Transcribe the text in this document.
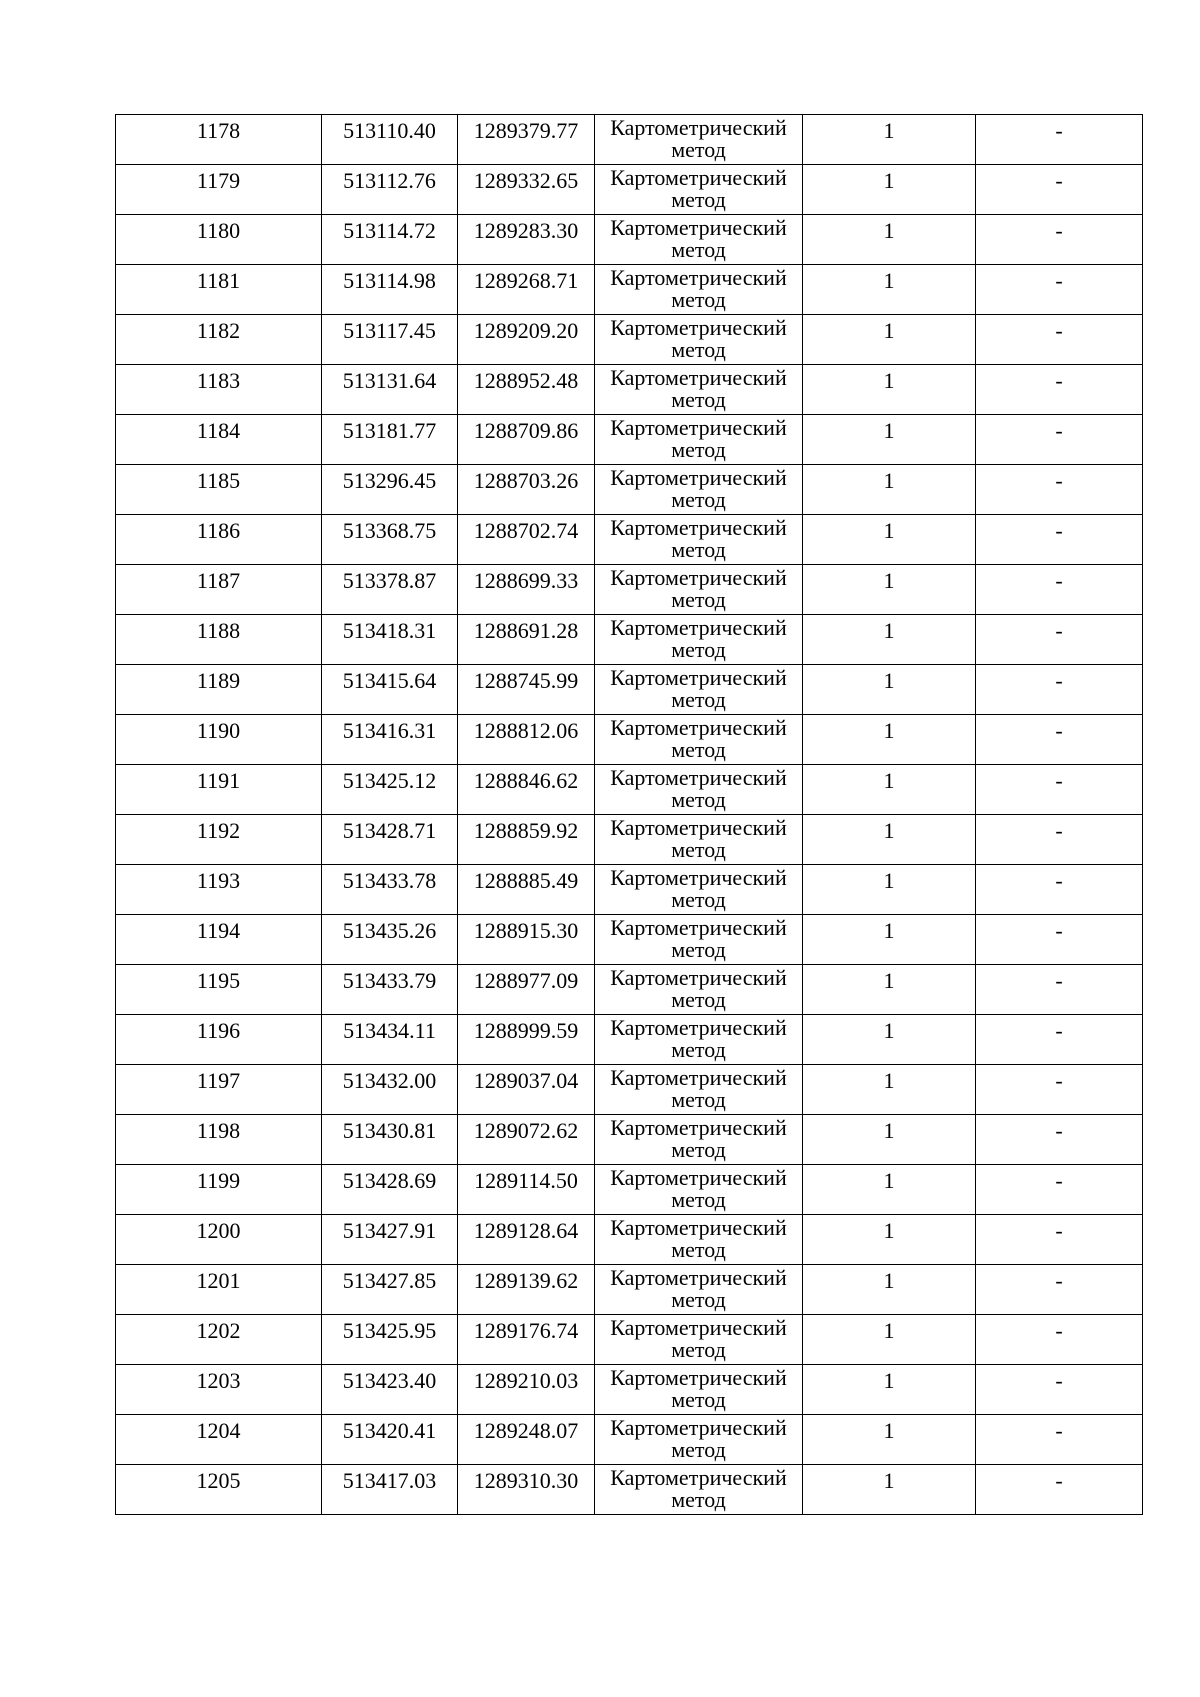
1178	513110.40	1289379.77	Картометрический метод	1	-

1179	513112.76	1289332.65	Картометрический метод	1	-

1180	513114.72	1289283.30	Картометрический метод	1	-

1181	513114.98	1289268.71	Картометрический метод	1	-

1182	513117.45	1289209.20	Картометрический метод	1	-

1183	513131.64	1288952.48	Картометрический метод	1	-

1184	513181.77	1288709.86	Картометрический метод	1	-

1185	513296.45	1288703.26	Картометрический метод	1	-

1186	513368.75	1288702.74	Картометрический метод	1	-

1187	513378.87	1288699.33	Картометрический метод	1	-

1188	513418.31	1288691.28	Картометрический метод	1	-

1189	513415.64	1288745.99	Картометрический метод	1	-

1190	513416.31	1288812.06	Картометрический метод	1	-

1191	513425.12	1288846.62	Картометрический метод	1	-

1192	513428.71	1288859.92	Картометрический метод	1	-

1193	513433.78	1288885.49	Картометрический метод	1	-

1194	513435.26	1288915.30	Картометрический метод	1	-

1195	513433.79	1288977.09	Картометрический метод	1	-

1196	513434.11	1288999.59	Картометрический метод	1	-

1197	513432.00	1289037.04	Картометрический метод	1	-

1198	513430.81	1289072.62	Картометрический метод	1	-

1199	513428.69	1289114.50	Картометрический метод	1	-

1200	513427.91	1289128.64	Картометрический метод	1	-

1201	513427.85	1289139.62	Картометрический метод	1	-

1202	513425.95	1289176.74	Картометрический метод	1	-

1203	513423.40	1289210.03	Картометрический метод	1	-

1204	513420.41	1289248.07	Картометрический метод	1	-

1205	513417.03	1289310.30	Картометрический метод	1	-
